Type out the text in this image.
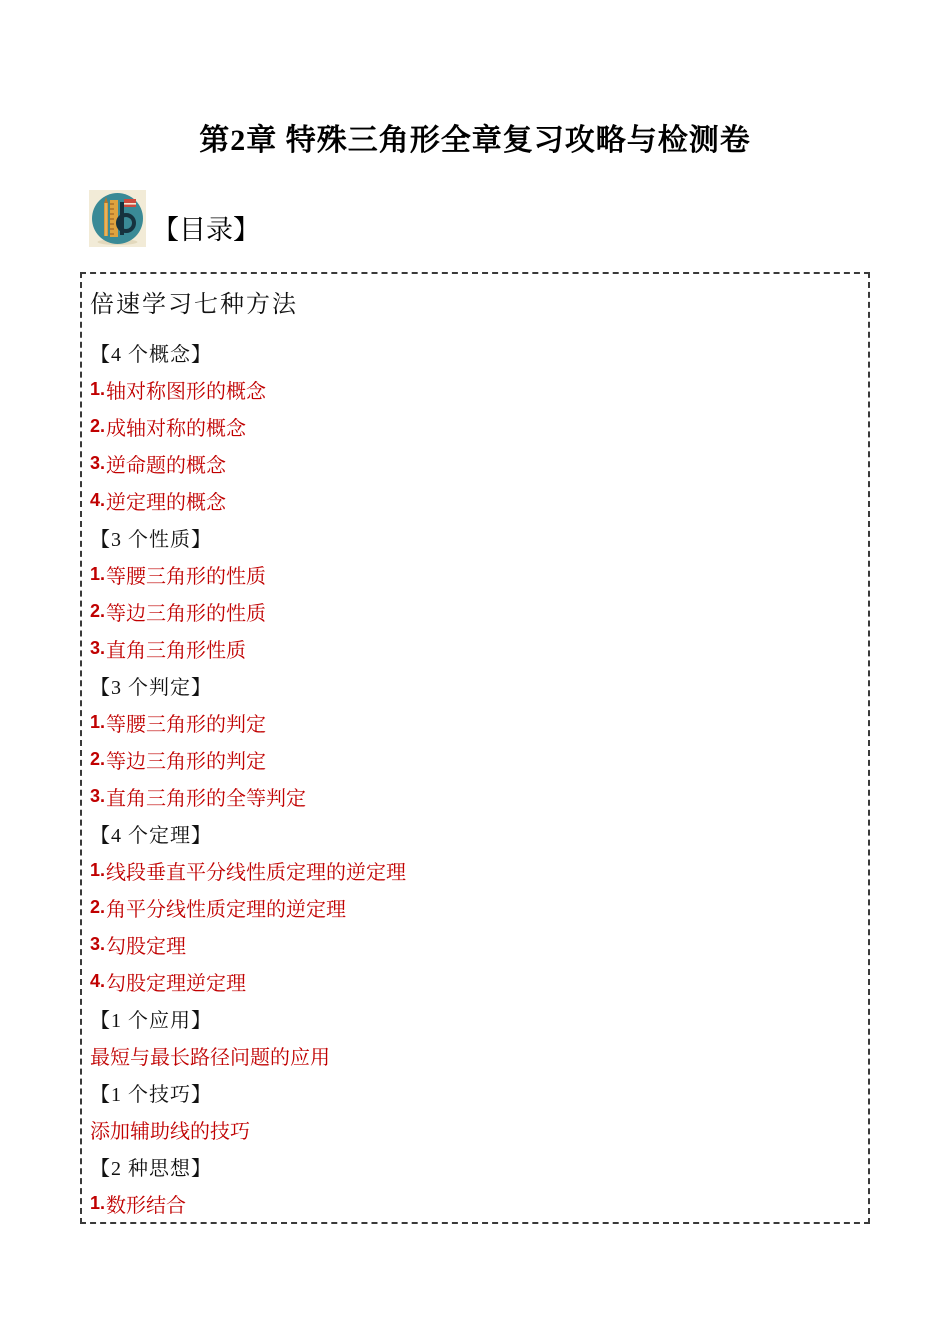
第2章 特殊三角形全章复习攻略与检测卷
【目录】
倍速学习七种方法
【4 个概念】
1. 轴对称图形的概念
2. 成轴对称的概念
3. 逆命题的概念
4. 逆定理的概念
【3 个性质】
1. 等腰三角形的性质
2. 等边三角形的性质
3. 直角三角形性质
【3 个判定】
1. 等腰三角形的判定
2. 等边三角形的判定
3. 直角三角形的全等判定
【4 个定理】
1. 线段垂直平分线性质定理的逆定理
2. 角平分线性质定理的逆定理
3. 勾股定理
4. 勾股定理逆定理
【1 个应用】
最短与最长路径问题的应用
【1 个技巧】
添加辅助线的技巧
【2 种思想】
1. 数形结合
